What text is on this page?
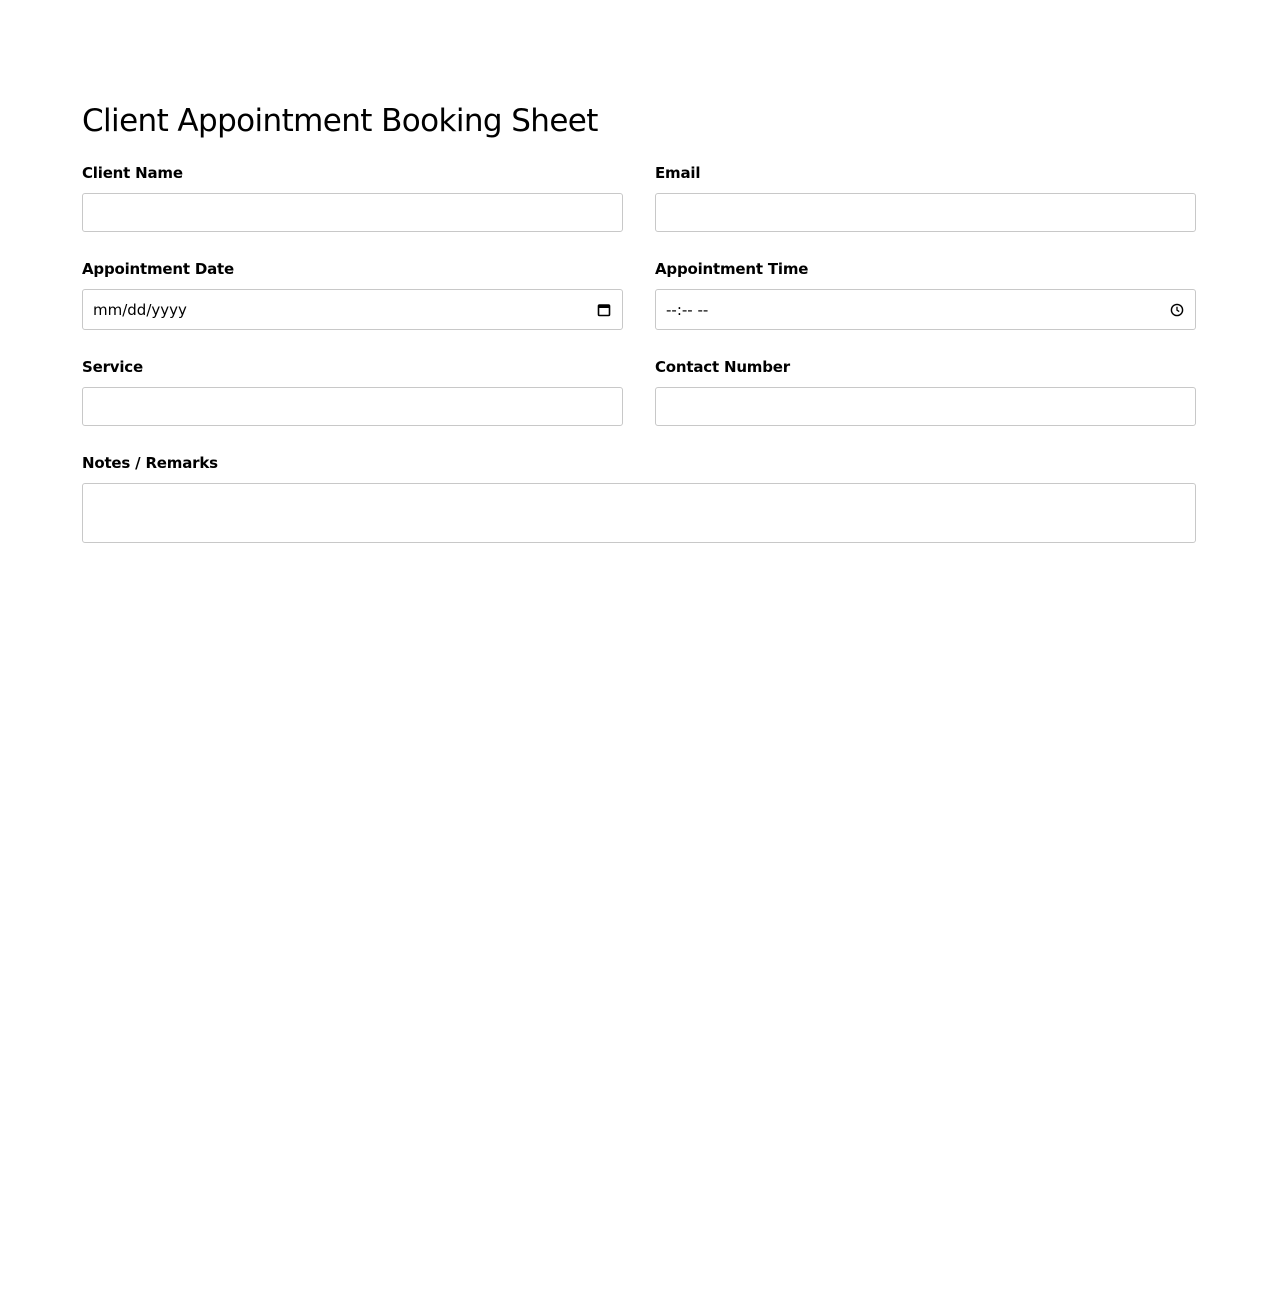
Client Appointment Booking Sheet
Client Name	Email
Appointment Date
mm/dd/yyyy
Appointment Time
--:-- --
Service	Contact Number
Notes / Remarks
